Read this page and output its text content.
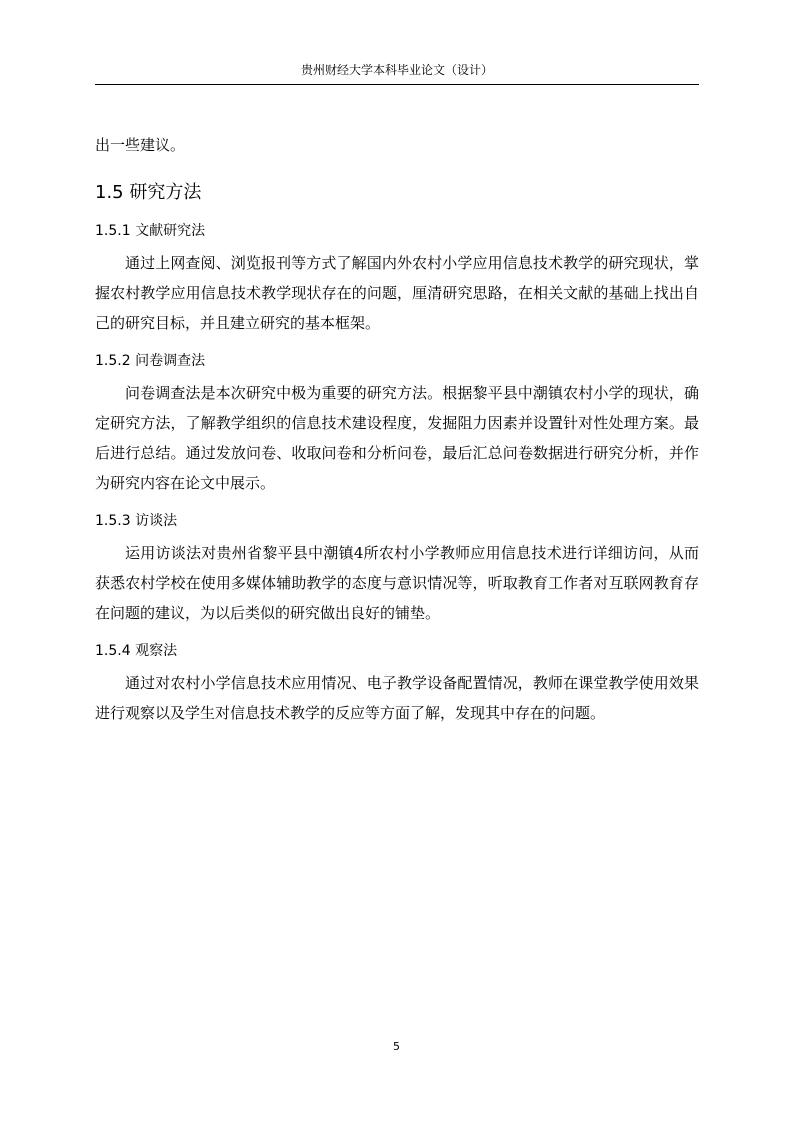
贵州财经大学本科毕业论文（设计）

出一些建议。

1.5 研究方法
1.5.1 文献研究法

通过上网查阅、浏览报刊等方式了解国内外农村小学应用信息技术教学的研究现状，掌握农村教学应用信息技术教学现状存在的问题，厘清研究思路，在相关文献的基础上找出自己的研究目标，并且建立研究的基本框架。

1.5.2 问卷调查法

问卷调查法是本次研究中极为重要的研究方法。根据黎平县中潮镇农村小学的现状，确定研究方法，了解教学组织的信息技术建设程度，发掘阻力因素并设置针对性处理方案。最后进行总结。通过发放问卷、收取问卷和分析问卷，最后汇总问卷数据进行研究分析，并作为研究内容在论文中展示。

1.5.3 访谈法

运用访谈法对贵州省黎平县中潮镇4所农村小学教师应用信息技术进行详细访问，从而获悉农村学校在使用多媒体辅助教学的态度与意识情况等，听取教育工作者对互联网教育存在问题的建议，为以后类似的研究做出良好的铺垫。

1.5.4 观察法

通过对农村小学信息技术应用情况、电子教学设备配置情况，教师在课堂教学使用效果进行观察以及学生对信息技术教学的反应等方面了解，发现其中存在的问题。

5
